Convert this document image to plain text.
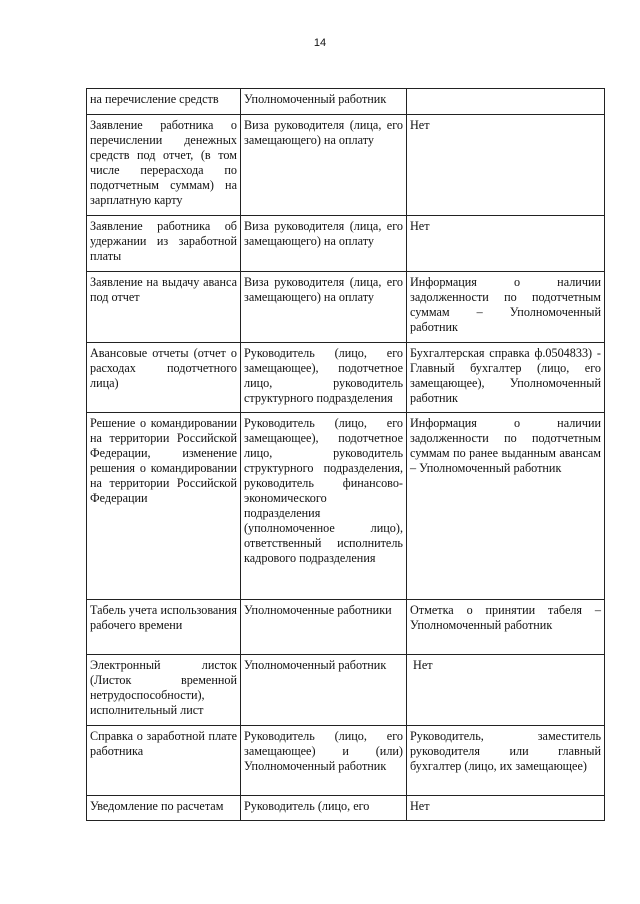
14
на перечисление средств	Уполномоченный работник	
Заявление работника о перечислении денежных средств под отчет, (в том числе перерасхода по подотчетным суммам) на зарплатную карту	Виза руководителя (лица, его замещающего) на оплату	Нет
Заявление работника об удержании из заработной платы	Виза руководителя (лица, его замещающего) на оплату	Нет
Заявление на выдачу аванса под отчет	Виза руководителя (лица, его замещающего) на оплату	Информация о наличии задолженности по подотчетным суммам – Уполномоченный работник
Авансовые отчеты (отчет о расходах подотчетного лица)	Руководитель (лицо, его замещающее), подотчетное лицо, руководитель структурного подразделения	Бухгалтерская справка ф.0504833) - Главный бухгалтер (лицо, его замещающее), Уполномоченный работник
Решение о командировании на территории Российской Федерации, изменение решения о командировании на территории Российской Федерации	Руководитель (лицо, его замещающее), подотчетное лицо, руководитель структурного подразделения, руководитель финансово-экономического подразделения (уполномоченное лицо), ответственный исполнитель кадрового подразделения	Информация о наличии задолженности по подотчетным суммам по ранее выданным авансам – Уполномоченный работник
Табель учета использования рабочего времени	Уполномоченные работники	Отметка о принятии табеля – Уполномоченный работник
Электронный листок (Листок временной нетрудоспособности), исполнительный лист	Уполномоченный работник	Нет
Справка о заработной плате работника	Руководитель (лицо, его замещающее) и (или) Уполномоченный работник	Руководитель, заместитель руководителя или главный бухгалтер (лицо, их замещающее)
Уведомление по расчетам	Руководитель (лицо, его	Нет
